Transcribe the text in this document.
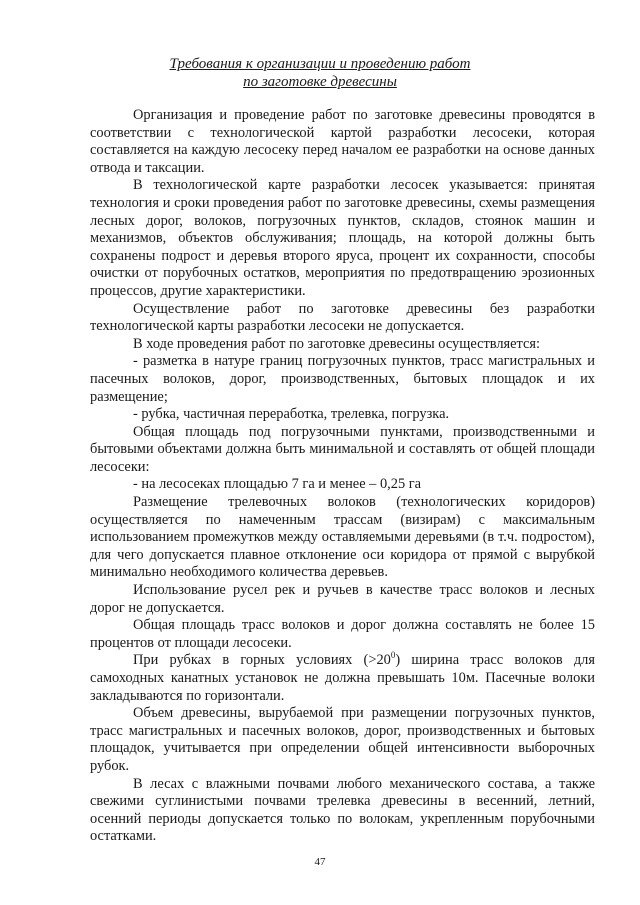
Требования к организации и проведению работ
по заготовке древесины

Организация и проведение работ по заготовке древесины проводятся в соответствии с технологической картой разработки лесосеки, которая составляется на каждую лесосеку перед началом ее разработки на основе данных отвода и таксации.

В технологической карте разработки лесосек указывается: принятая технология и сроки проведения работ по заготовке древесины, схемы размещения лесных дорог, волоков, погрузочных пунктов, складов, стоянок машин и механизмов, объектов обслуживания; площадь, на которой должны быть сохранены подрост и деревья второго яруса, процент их сохранности, способы очистки от порубочных остатков, мероприятия по предотвращению эрозионных процессов, другие характеристики.

Осуществление работ по заготовке древесины без разработки технологической карты разработки лесосеки не допускается.

В ходе проведения работ по заготовке древесины осуществляется:

- разметка в натуре границ погрузочных пунктов, трасс магистральных и пасечных волоков, дорог, производственных, бытовых площадок и их размещение;

- рубка, частичная переработка, трелевка, погрузка.

Общая площадь под погрузочными пунктами, производственными и бытовыми объектами должна быть минимальной и составлять от общей площади лесосеки:

- на лесосеках площадью 7 га и менее – 0,25 га

Размещение трелевочных волоков (технологических коридоров) осуществляется по намеченным трассам (визирам) с максимальным использованием промежутков между оставляемыми деревьями (в т.ч. подростом), для чего допускается плавное отклонение оси коридора от прямой с вырубкой минимально необходимого количества деревьев.

Использование русел рек и ручьев в качестве трасс волоков и лесных дорог не допускается.

Общая площадь трасс волоков и дорог должна составлять не более 15 процентов от площади лесосеки.

При рубках в горных условиях $(>20^0)$ ширина трасс волоков для самоходных канатных установок не должна превышать 10м. Пасечные волоки закладываются по горизонтали.

Объем древесины, вырубаемой при размещении погрузочных пунктов, трасс магистральных и пасечных волоков, дорог, производственных и бытовых площадок, учитывается при определении общей интенсивности выборочных рубок.

В лесах с влажными почвами любого механического состава, а также свежими суглинистыми почвами трелевка древесины в весенний, летний, осенний периоды допускается только по волокам, укрепленным порубочными остатками.

47
